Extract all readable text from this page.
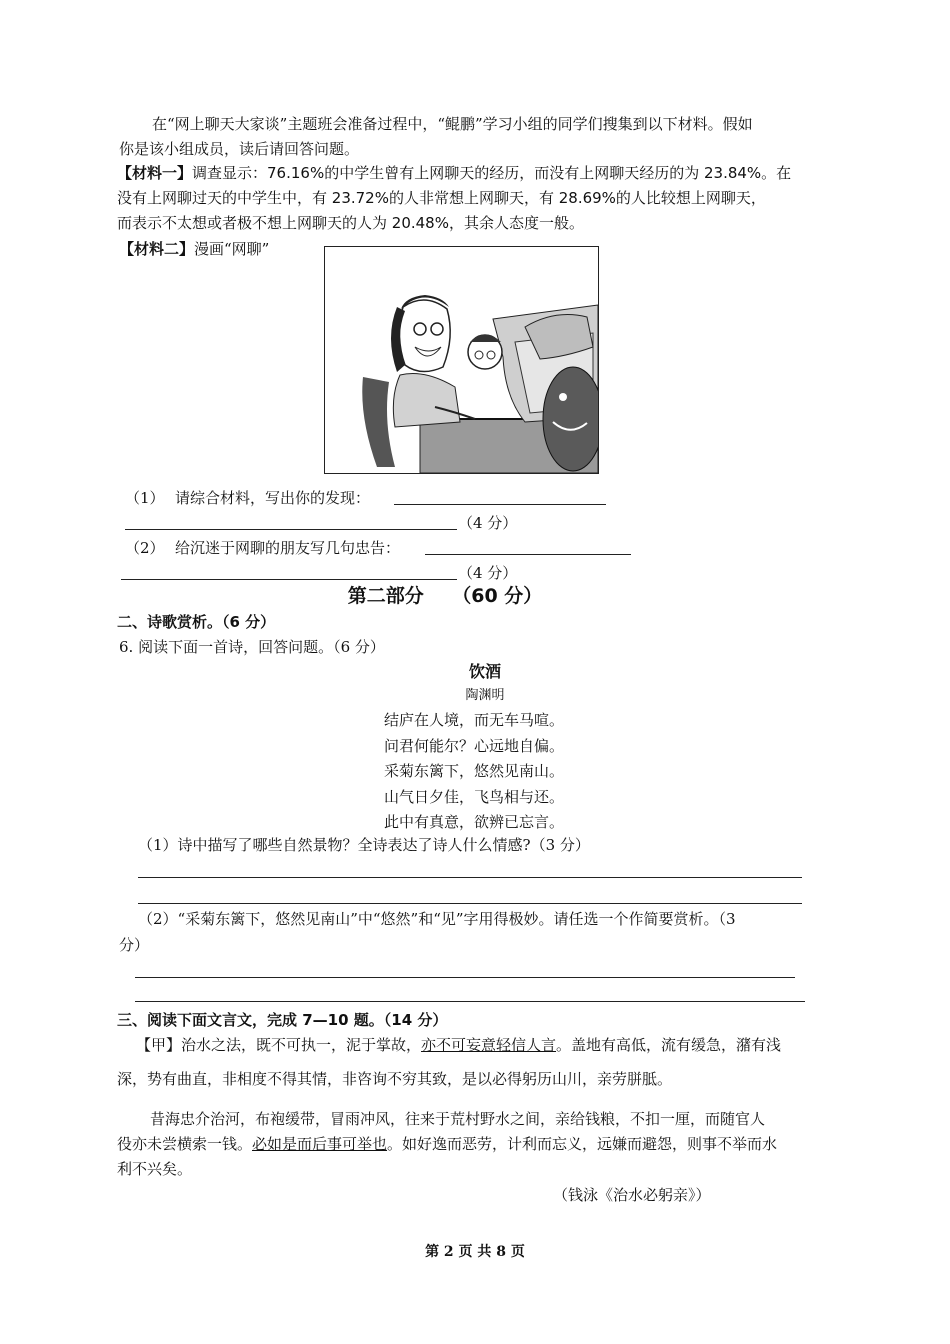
在“网上聊天大家谈”主题班会准备过程中，“鲲鹏”学习小组的同学们搜集到以下材料。假如
你是该小组成员，读后请回答问题。
【材料一】调查显示：76.16%的中学生曾有上网聊天的经历，而没有上网聊天经历的为 23.84%。在
没有上网聊过天的中学生中，有 23.72%的人非常想上网聊天，有 28.69%的人比较想上网聊天，
而表示不太想或者极不想上网聊天的人为 20.48%，其余人态度一般。
【材料二】漫画“网聊”
（1） 请综合材料，写出你的发现：
（4 分）
（2） 给沉迷于网聊的朋友写几句忠告：
（4 分）
第二部分　　（60 分）
二、诗歌赏析。（6 分）
6. 阅读下面一首诗，回答问题。（6 分）
饮酒
陶渊明
结庐在人境，而无车马喧。
问君何能尔？心远地自偏。
采菊东篱下，悠然见南山。
山气日夕佳，飞鸟相与还。
此中有真意，欲辨已忘言。
（1）诗中描写了哪些自然景物？全诗表达了诗人什么情感?（3 分）
（2）“采菊东篱下，悠然见南山”中“悠然”和“见”字用得极妙。请任选一个作简要赏析。（3
分）
三、阅读下面文言文，完成 7—10 题。（14 分）
【甲】治水之法，既不可执一，泥于掌故，亦不可妄意轻信人言。盖地有高低，流有缓急，潴有浅
深，势有曲直，非相度不得其情，非咨询不穷其致，是以必得躬历山川，亲劳胼胝。
昔海忠介治河，布袍缓带，冒雨冲风，往来于荒村野水之间，亲给钱粮，不扣一厘，而随官人
役亦未尝横索一钱。必如是而后事可举也。如好逸而恶劳，计利而忘义，远嫌而避怨，则事不举而水
利不兴矣。
（钱泳《治水必躬亲》）
第 2 页 共 8 页
